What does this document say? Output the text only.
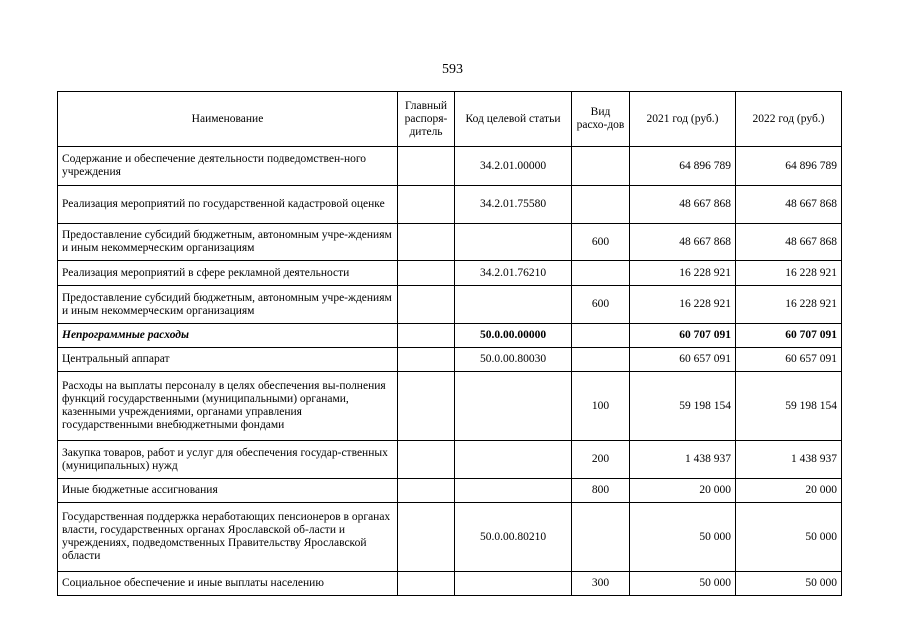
593
Наименование	Главный распоря-дитель	Код целевой статьи	Вид расхо-дов	2021 год (руб.)	2022 год (руб.)
Содержание и обеспечение деятельности подведомствен-ного учреждения		34.2.01.00000		64 896 789	64 896 789
Реализация мероприятий по государственной кадастровой оценке		34.2.01.75580		48 667 868	48 667 868
Предоставление субсидий бюджетным, автономным учре-ждениям и иным некоммерческим организациям			600	48 667 868	48 667 868
Реализация мероприятий в сфере рекламной деятельности		34.2.01.76210		16 228 921	16 228 921
Предоставление субсидий бюджетным, автономным учре-ждениям и иным некоммерческим организациям			600	16 228 921	16 228 921
Непрограммные расходы		50.0.00.00000		60 707 091	60 707 091
Центральный аппарат		50.0.00.80030		60 657 091	60 657 091
Расходы на выплаты персоналу в целях обеспечения вы-полнения функций государственными (муниципальными) органами, казенными учреждениями, органами управления государственными внебюджетными фондами			100	59 198 154	59 198 154
Закупка товаров, работ и услуг для обеспечения государ-ственных (муниципальных) нужд			200	1 438 937	1 438 937
Иные бюджетные ассигнования			800	20 000	20 000
Государственная поддержка неработающих пенсионеров в органах власти, государственных органах Ярославской об-ласти и учреждениях, подведомственных Правительству Ярославской области		50.0.00.80210		50 000	50 000
Социальное обеспечение и иные выплаты населению			300	50 000	50 000
